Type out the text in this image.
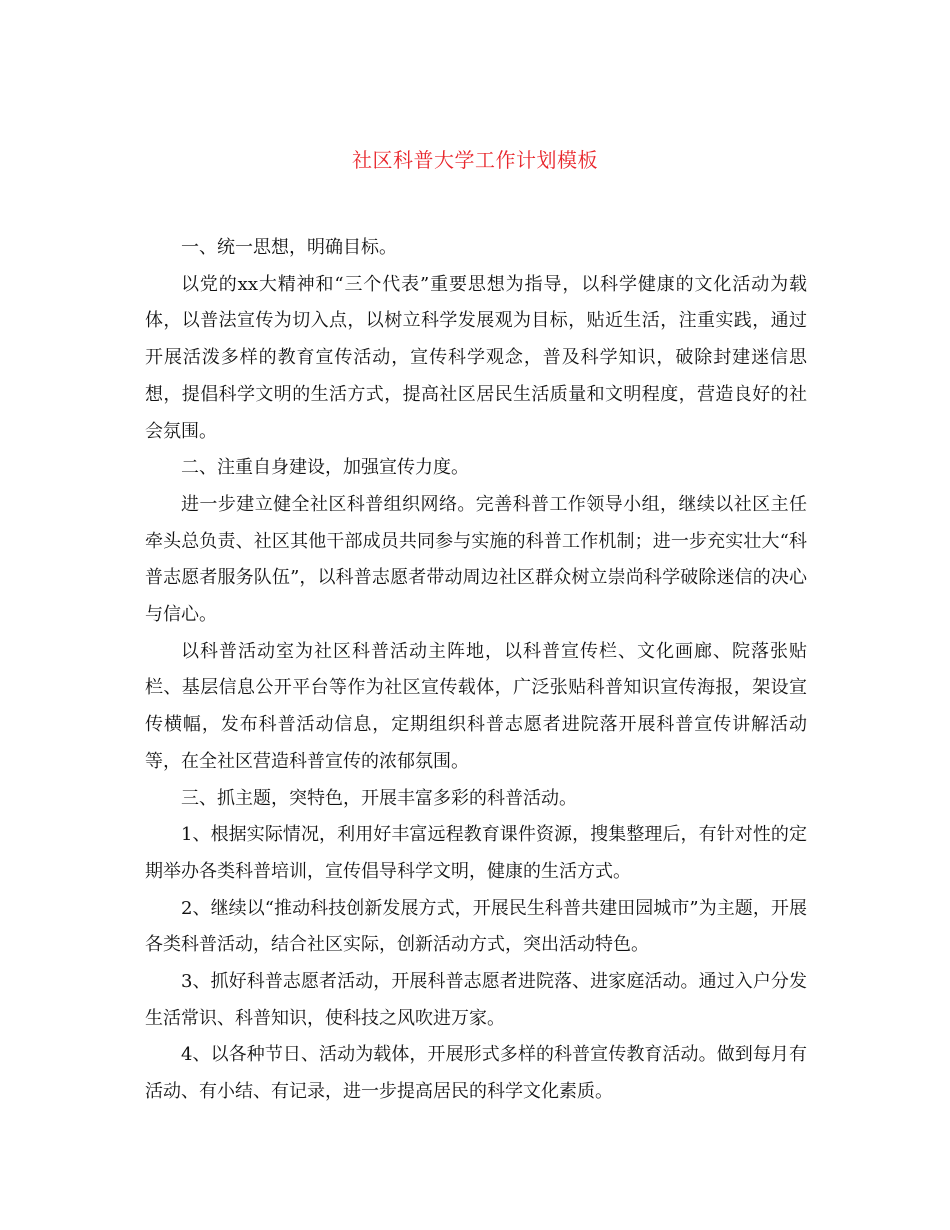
社区科普大学工作计划模板

一、统一思想，明确目标。

以党的xx大精神和“三个代表”重要思想为指导，以科学健康的文化活动为载体，以普法宣传为切入点，以树立科学发展观为目标，贴近生活，注重实践，通过开展活泼多样的教育宣传活动，宣传科学观念，普及科学知识，破除封建迷信思想，提倡科学文明的生活方式，提高社区居民生活质量和文明程度，营造良好的社会氛围。

二、注重自身建设，加强宣传力度。

进一步建立健全社区科普组织网络。完善科普工作领导小组，继续以社区主任牵头总负责、社区其他干部成员共同参与实施的科普工作机制；进一步充实壮大“科普志愿者服务队伍”，以科普志愿者带动周边社区群众树立崇尚科学破除迷信的决心与信心。

以科普活动室为社区科普活动主阵地，以科普宣传栏、文化画廊、院落张贴栏、基层信息公开平台等作为社区宣传载体，广泛张贴科普知识宣传海报，架设宣传横幅，发布科普活动信息，定期组织科普志愿者进院落开展科普宣传讲解活动等，在全社区营造科普宣传的浓郁氛围。

三、抓主题，突特色，开展丰富多彩的科普活动。

1、根据实际情况，利用好丰富远程教育课件资源，搜集整理后，有针对性的定期举办各类科普培训，宣传倡导科学文明，健康的生活方式。

2、继续以“推动科技创新发展方式，开展民生科普共建田园城市”为主题，开展各类科普活动，结合社区实际，创新活动方式，突出活动特色。

3、抓好科普志愿者活动，开展科普志愿者进院落、进家庭活动。通过入户分发生活常识、科普知识，使科技之风吹进万家。

4、以各种节日、活动为载体，开展形式多样的科普宣传教育活动。做到每月有活动、有小结、有记录，进一步提高居民的科学文化素质。
